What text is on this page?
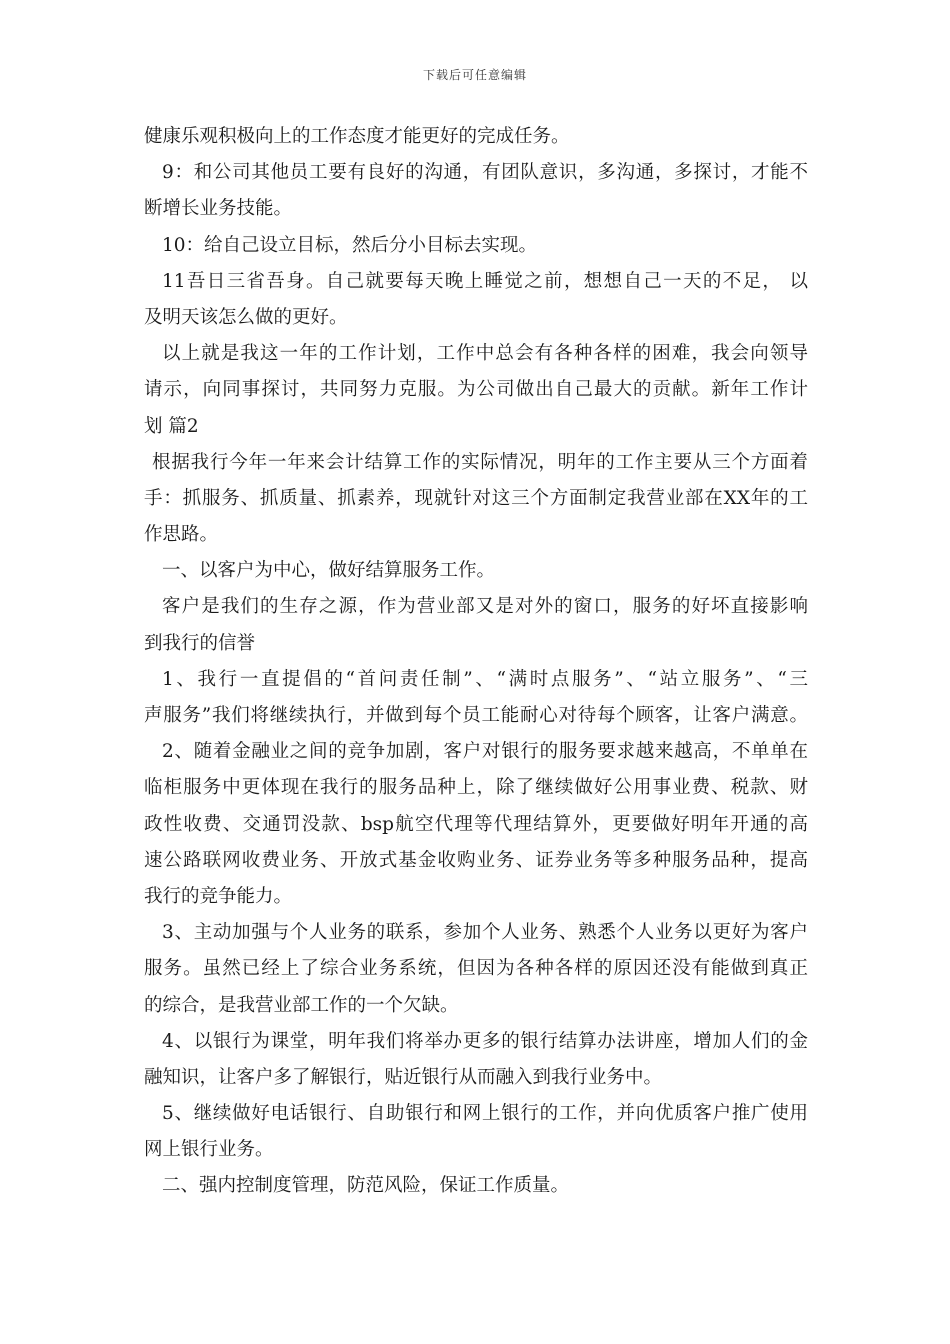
下载后可任意编辑
健康乐观积极向上的工作态度才能更好的完成任务。
9：和公司其他员工要有良好的沟通，有团队意识，多沟通，多探讨，才能不
断增长业务技能。
10：给自己设立目标，然后分小目标去实现。
11吾日三省吾身。自己就要每天晚上睡觉之前，想想自己一天的不足， 以
及明天该怎么做的更好。
以上就是我这一年的工作计划，工作中总会有各种各样的困难，我会向领导
请示，向同事探讨，共同努力克服。为公司做出自己最大的贡献。新年工作计
划 篇2
根据我行今年一年来会计结算工作的实际情况，明年的工作主要从三个方面着
手：抓服务、抓质量、抓素养，现就针对这三个方面制定我营业部在XX年的工
作思路。
一、以客户为中心，做好结算服务工作。
客户是我们的生存之源，作为营业部又是对外的窗口，服务的好坏直接影响
到我行的信誉
1、我行一直提倡的“首问责任制”、“满时点服务”、“站立服务”、“三
声服务”我们将继续执行，并做到每个员工能耐心对待每个顾客，让客户满意。
2、随着金融业之间的竞争加剧，客户对银行的服务要求越来越高，不单单在
临柜服务中更体现在我行的服务品种上，除了继续做好公用事业费、税款、财
政性收费、交通罚没款、bsp航空代理等代理结算外，更要做好明年开通的高
速公路联网收费业务、开放式基金收购业务、证券业务等多种服务品种，提高
我行的竞争能力。
3、主动加强与个人业务的联系，参加个人业务、熟悉个人业务以更好为客户
服务。虽然已经上了综合业务系统，但因为各种各样的原因还没有能做到真正
的综合，是我营业部工作的一个欠缺。
4、以银行为课堂，明年我们将举办更多的银行结算办法讲座，增加人们的金
融知识，让客户多了解银行，贴近银行从而融入到我行业务中。
5、继续做好电话银行、自助银行和网上银行的工作，并向优质客户推广使用
网上银行业务。
二、强内控制度管理，防范风险，保证工作质量。
